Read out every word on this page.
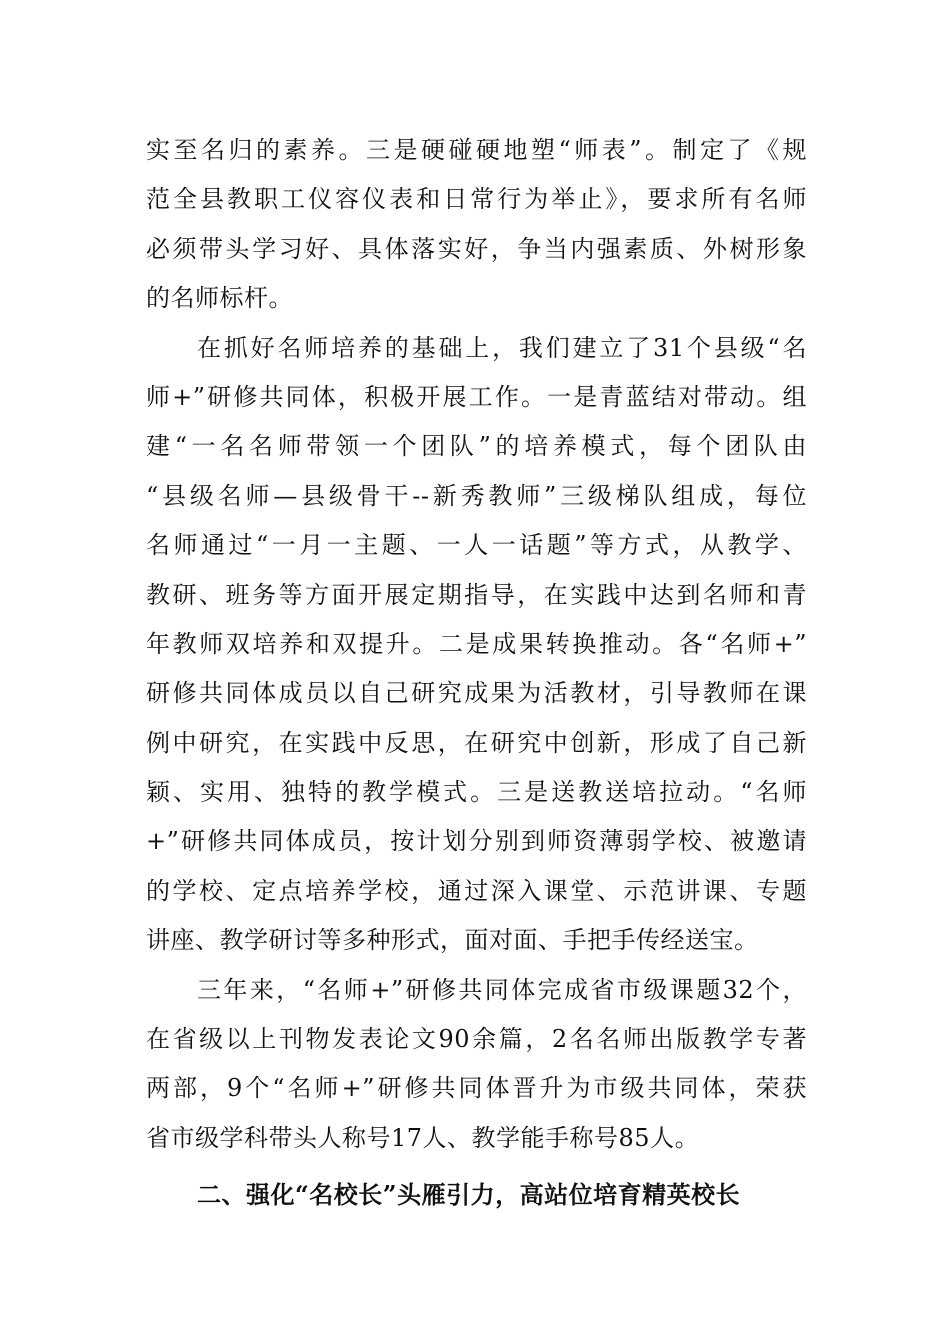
实至名归的素养。三是硬碰硬地塑“师表”。制定了《规
范全县教职工仪容仪表和日常行为举止》，要求所有名师
必须带头学习好、具体落实好，争当内强素质、外树形象
的名师标杆。
在抓好名师培养的基础上，我们建立了31个县级“名
师+”研修共同体，积极开展工作。一是青蓝结对带动。组
建“一名名师带领一个团队”的培养模式，每个团队由
“县级名师—县级骨干--新秀教师”三级梯队组成，每位
名师通过“一月一主题、一人一话题”等方式，从教学、
教研、班务等方面开展定期指导，在实践中达到名师和青
年教师双培养和双提升。二是成果转换推动。各“名师+”
研修共同体成员以自己研究成果为活教材，引导教师在课
例中研究，在实践中反思，在研究中创新，形成了自己新
颖、实用、独特的教学模式。三是送教送培拉动。“名师
+”研修共同体成员，按计划分别到师资薄弱学校、被邀请
的学校、定点培养学校，通过深入课堂、示范讲课、专题
讲座、教学研讨等多种形式，面对面、手把手传经送宝。
三年来，“名师+”研修共同体完成省市级课题32个，
在省级以上刊物发表论文90余篇，2名名师出版教学专著
两部，9个“名师+”研修共同体晋升为市级共同体，荣获
省市级学科带头人称号17人、教学能手称号85人。
二、强化“名校长”头雁引力，高站位培育精英校长
